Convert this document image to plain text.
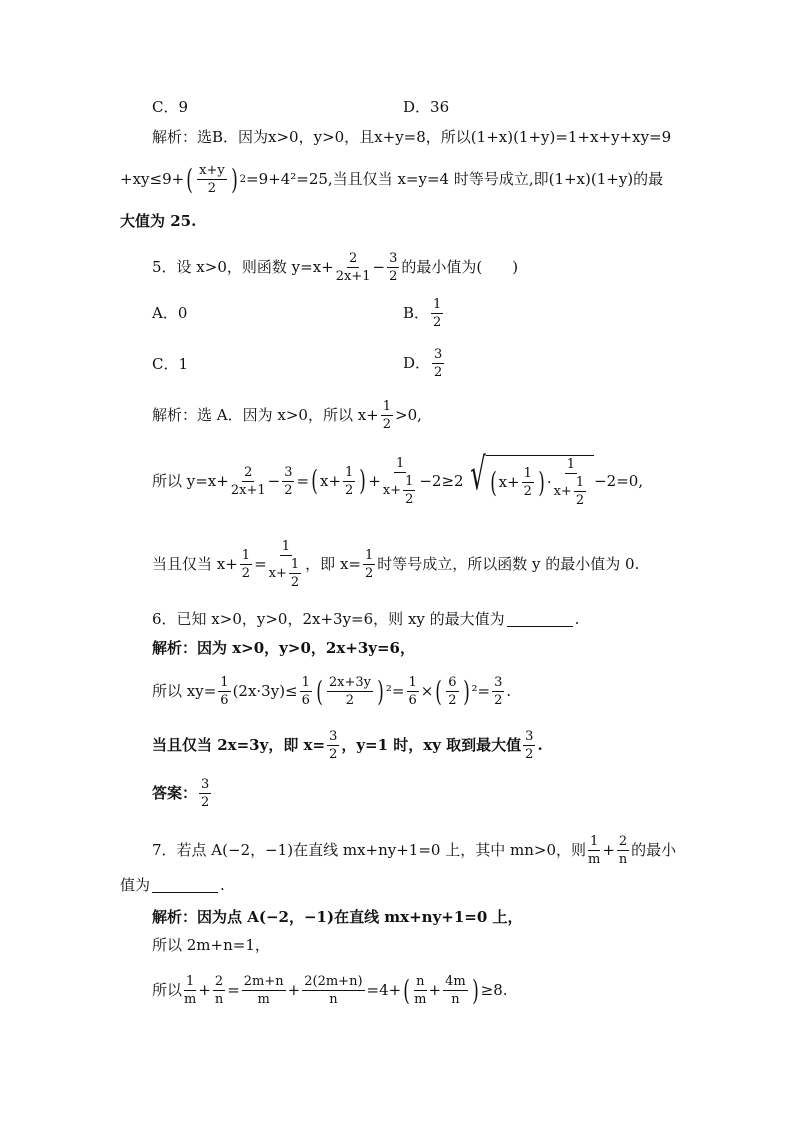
C．9	D．36
解析：选B．因为x>0，y>0，且x+y=8，所以(1+x)(1+y)=1+x+y+xy=9
+xy≤9+ ( $\frac{x+y}{2}$ ) 2 =9+4²=25,当且仅当 x=y=4 时等号成立,即(1+x)(1+y)的最
大值为 25.
5．设 x>0，则函数 $y=x+ \frac{2}{2x+1} - \frac{3}{2}$ 的最小值为(　　)
A．0	B． $\frac{1}{2}$
C．1	D． $\frac{3}{2}$
解析：选 A．因为 x>0，所以 $x+ \frac{1}{2} >0$,
所以 $y=x+ \frac{2}{2x+1} - \frac{3}{2}$ = ( $x+ \frac{1}{2}$ ) + $\frac{1}{x+ \frac{1}{2}} -2\ge 2$ √ ( $x+ \frac{1}{2}$ ) · $\frac{1}{x+ \frac{1}{2}} -2=0$,
当且仅当 $x+ \frac{1}{2} = \frac{1}{x+ \frac{1}{2}}$ ，即 $x= \frac{1}{2}$ 时等号成立，所以函数 y 的最小值为 0.
6．已知 x>0，y>0，2x+3y=6，则 xy 的最大值为	.
解析：因为 x>0，y>0，2x+3y=6，
所以 $xy= \frac{1}{6} (2x\cdot 3y)\le \frac{1}{6}$ ( $\frac{2x+3y}{2}$ ) $^2= \frac{1}{6}$ × ( $\frac{6}{2}$ ) $^2= \frac{3}{2}$ .
当且仅当 2x=3y，即 $x= \frac{3}{2}$ ，y=1 时，xy 取到最大值 $\frac{3}{2}$ .
答案： $\frac{3}{2}$
7．若点 A(−2，−1)在直线 mx+ny+1=0 上，其中 mn>0，则 $\frac{1}{m} + \frac{2}{n}$ 的最小
值为	.
解析：因为点 A(−2，−1)在直线 mx+ny+1=0 上，
所以 2m+n=1，
所以 $\frac{1}{m} + \frac{2}{n} = \frac{2m+n}{m} + \frac{2(2m+n)}{n} =4+$ ( $\frac{n}{m} + \frac{4m}{n}$ ) ≥8.
